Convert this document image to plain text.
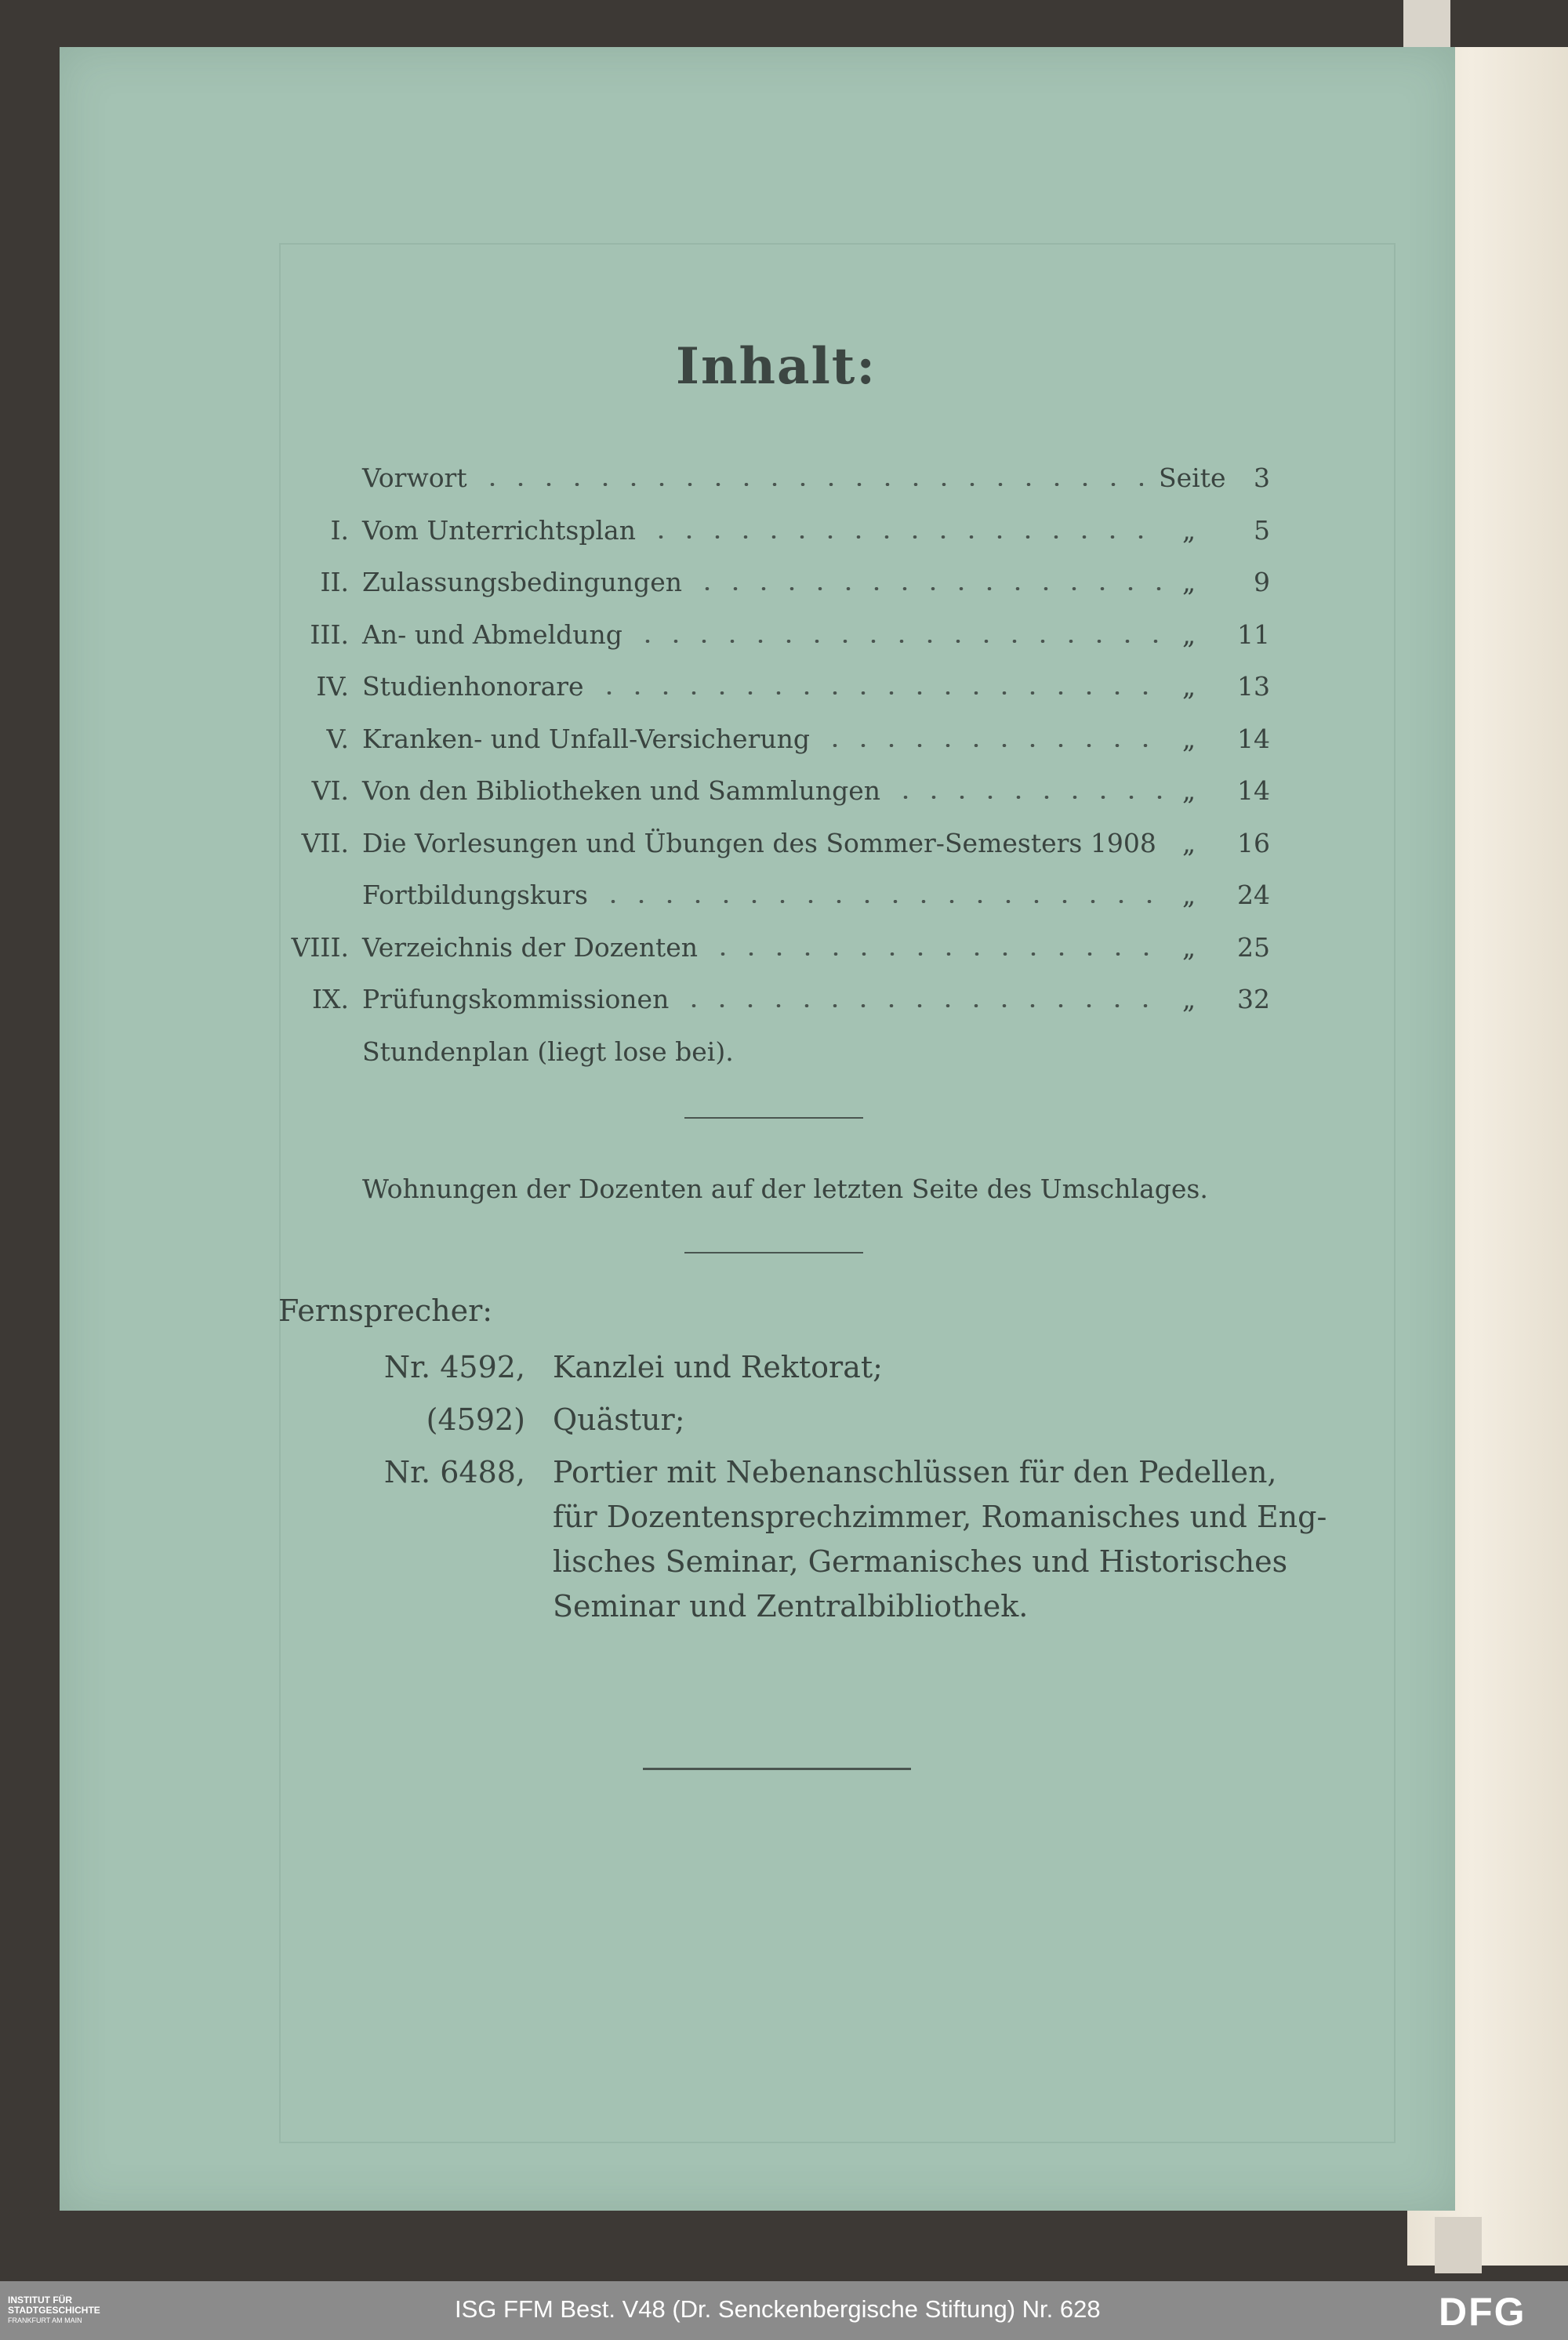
Inhalt:
Vorwort	Seite 3
I. Vom Unterrichtsplan	„ 5
II. Zulassungsbedingungen	„ 9
III. An- und Abmeldung	„ 11
IV. Studienhonorare	„ 13
V. Kranken- und Unfall-Versicherung	„ 14
VI. Von den Bibliotheken und Sammlungen	„ 14
VII. Die Vorlesungen und Übungen des Sommer-Semesters 1908 „ 16
Fortbildungskurs	„ 24
VIII. Verzeichnis der Dozenten	„ 25
IX. Prüfungskommissionen	„ 32
Stundenplan (liegt lose bei).
Wohnungen der Dozenten auf der letzten Seite des Umschlages.
Fernsprecher:
Nr. 4592, Kanzlei und Rektorat;
(4592) Quästur;
Nr. 6488, Portier mit Nebenanschlüssen für den Pedellen,
für Dozentensprechzimmer, Romanisches und Eng-
lisches Seminar, Germanisches und Historisches
Seminar und Zentralbibliothek.
INSTITUT FÜR
STADTGESCHICHTE
FRANKFURT AM MAIN	ISG FFM Best. V48 (Dr. Senckenbergische Stiftung) Nr. 628	DFG
